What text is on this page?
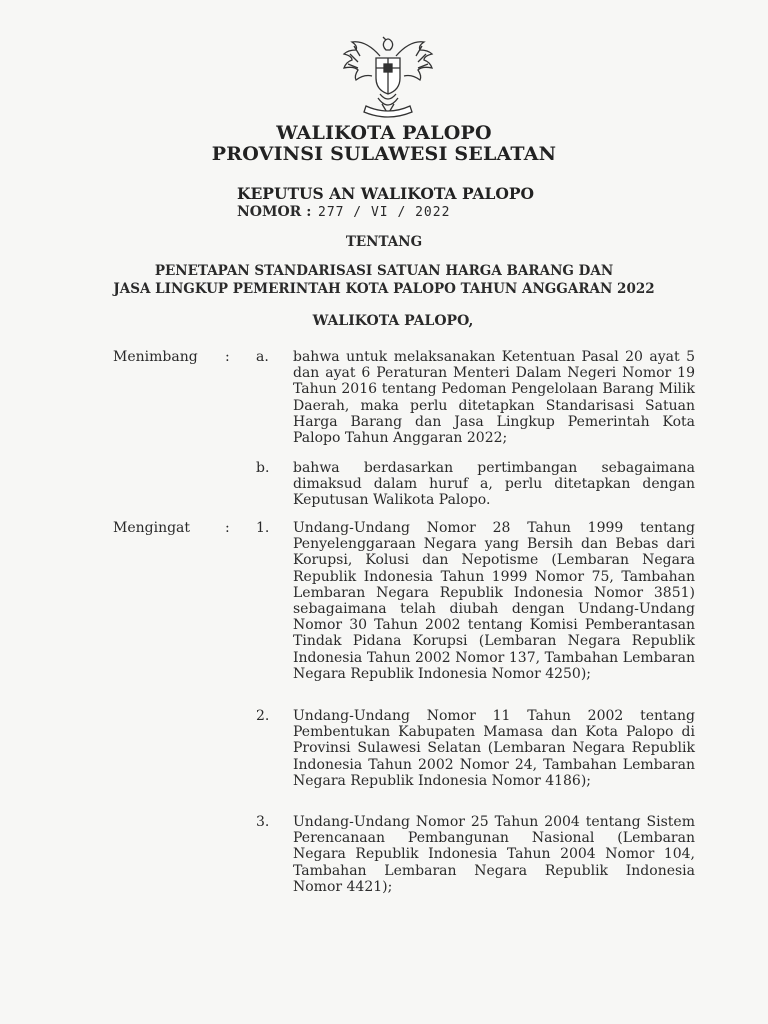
WALIKOTA PALOPO
PROVINSI SULAWESI SELATAN
KEPUTUS AN WALIKOTA PALOPO
NOMOR : 277 / VI / 2022
TENTANG
PENETAPAN STANDARISASI SATUAN HARGA BARANG DAN
JASA LINGKUP PEMERINTAH KOTA PALOPO TAHUN ANGGARAN 2022
WALIKOTA PALOPO,
Menimbang : a. bahwa untuk melaksanakan Ketentuan Pasal 20 ayat 5 dan ayat 6 Peraturan Menteri Dalam Negeri Nomor 19 Tahun 2016 tentang Pedoman Pengelolaan Barang Milik Daerah, maka perlu ditetapkan Standarisasi Satuan Harga Barang dan Jasa Lingkup Pemerintah Kota Palopo Tahun Anggaran 2022;
b. bahwa berdasarkan pertimbangan sebagaimana dimaksud dalam huruf a, perlu ditetapkan dengan Keputusan Walikota Palopo.
Mengingat : 1. Undang-Undang Nomor 28 Tahun 1999 tentang Penyelenggaraan Negara yang Bersih dan Bebas dari Korupsi, Kolusi dan Nepotisme (Lembaran Negara Republik Indonesia Tahun 1999 Nomor 75, Tambahan Lembaran Negara Republik Indonesia Nomor 3851) sebagaimana telah diubah dengan Undang-Undang Nomor 30 Tahun 2002 tentang Komisi Pemberantasan Tindak Pidana Korupsi (Lembaran Negara Republik Indonesia Tahun 2002 Nomor 137, Tambahan Lembaran Negara Republik Indonesia Nomor 4250);
2. Undang-Undang Nomor 11 Tahun 2002 tentang Pembentukan Kabupaten Mamasa dan Kota Palopo di Provinsi Sulawesi Selatan (Lembaran Negara Republik Indonesia Tahun 2002 Nomor 24, Tambahan Lembaran Negara Republik Indonesia Nomor 4186);
3. Undang-Undang Nomor 25 Tahun 2004 tentang Sistem Perencanaan Pembangunan Nasional (Lembaran Negara Republik Indonesia Tahun 2004 Nomor 104, Tambahan Lembaran Negara Republik Indonesia Nomor 4421);
